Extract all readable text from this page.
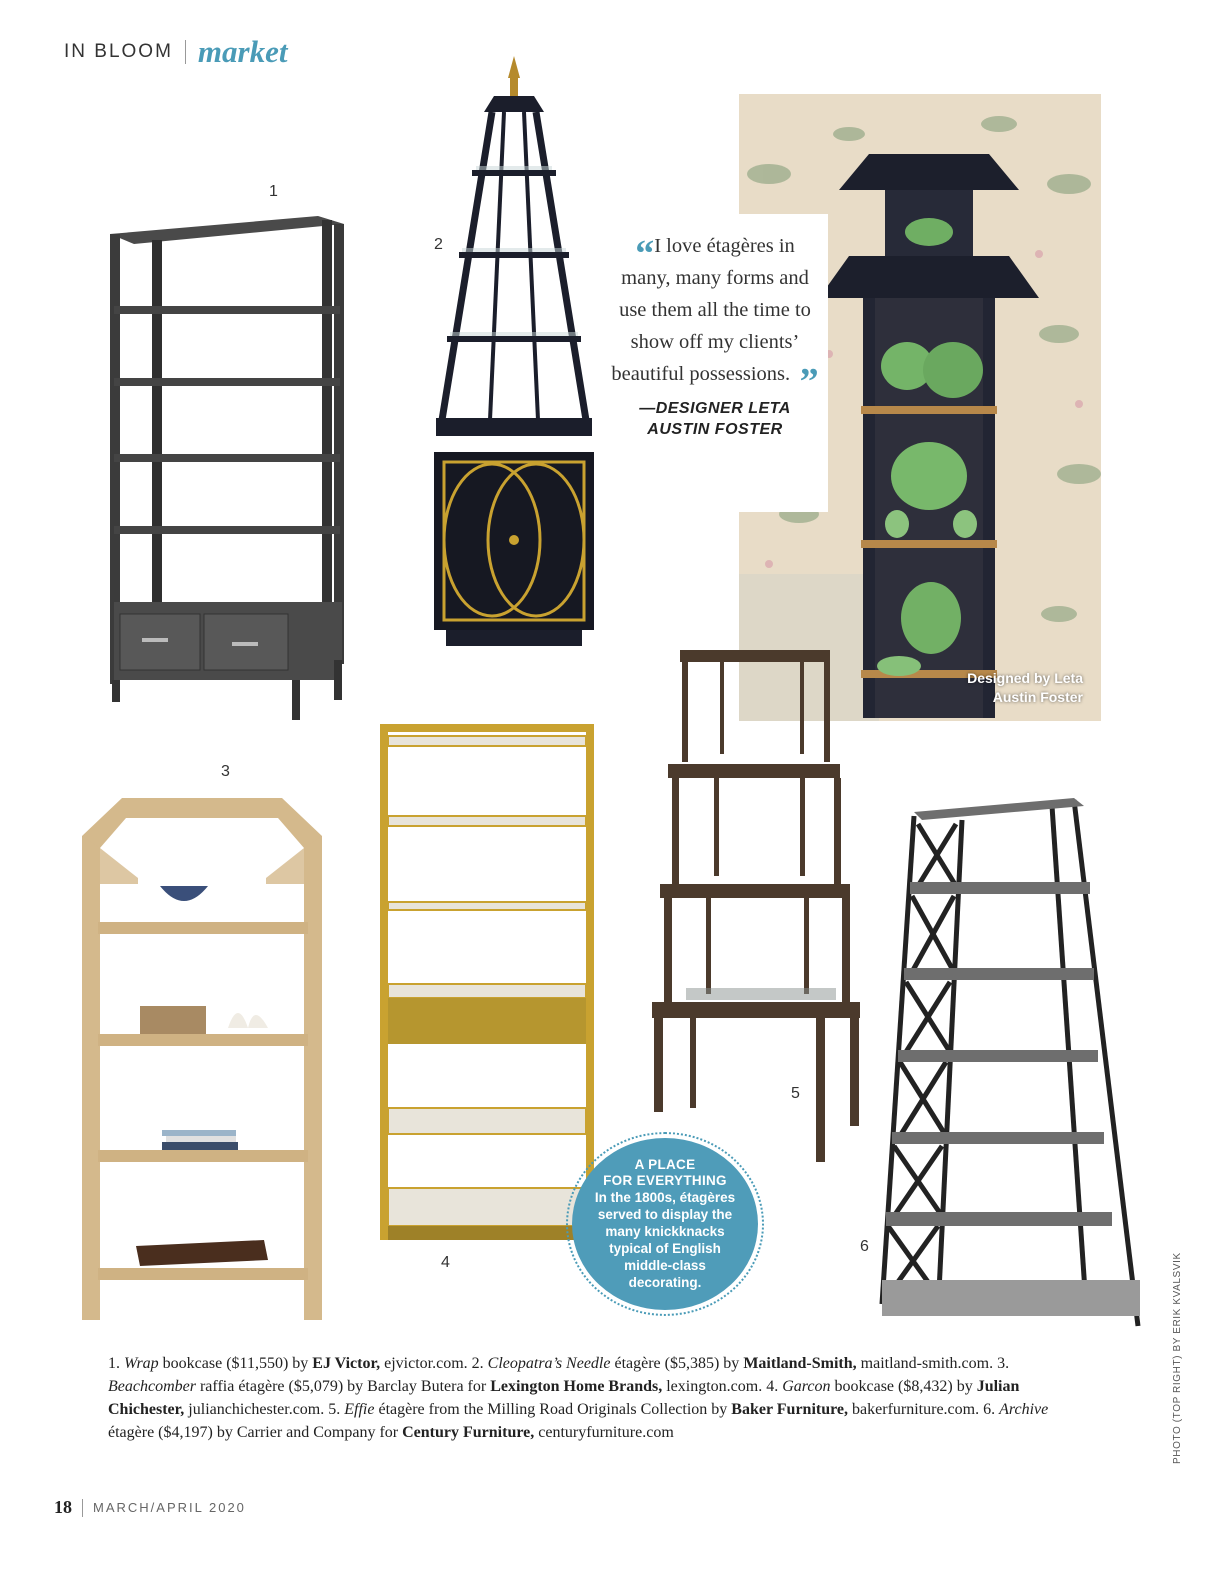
IN BLOOM market
1
2
3
4
5
6
Designed by Leta
Austin Foster
“I love étagères in many, many forms and use them all the time to show off my clients’ beautiful possessions. ”
—DESIGNER LETA
AUSTIN FOSTER
A PLACE
FOR EVERYTHING
In the 1800s, étagères served to display the many knickknacks typical of English middle-class decorating.
1. Wrap bookcase ($11,550) by EJ Victor, ejvictor.com. 2. Cleopatra’s Needle étagère ($5,385) by Maitland-Smith, maitland-smith.com. 3. Beachcomber raffia étagère ($5,079) by Barclay Butera for Lexington Home Brands, lexington.com. 4. Garcon bookcase ($8,432) by Julian Chichester, julianchichester.com. 5. Effie étagère from the Milling Road Originals Collection by Baker Furniture, bakerfurniture.com. 6. Archive étagère ($4,197) by Carrier and Company for Century Furniture, centuryfurniture.com	PHOTO (TOP RIGHT) BY ERIK KVALSVIK
18 MARCH/APRIL 2020
